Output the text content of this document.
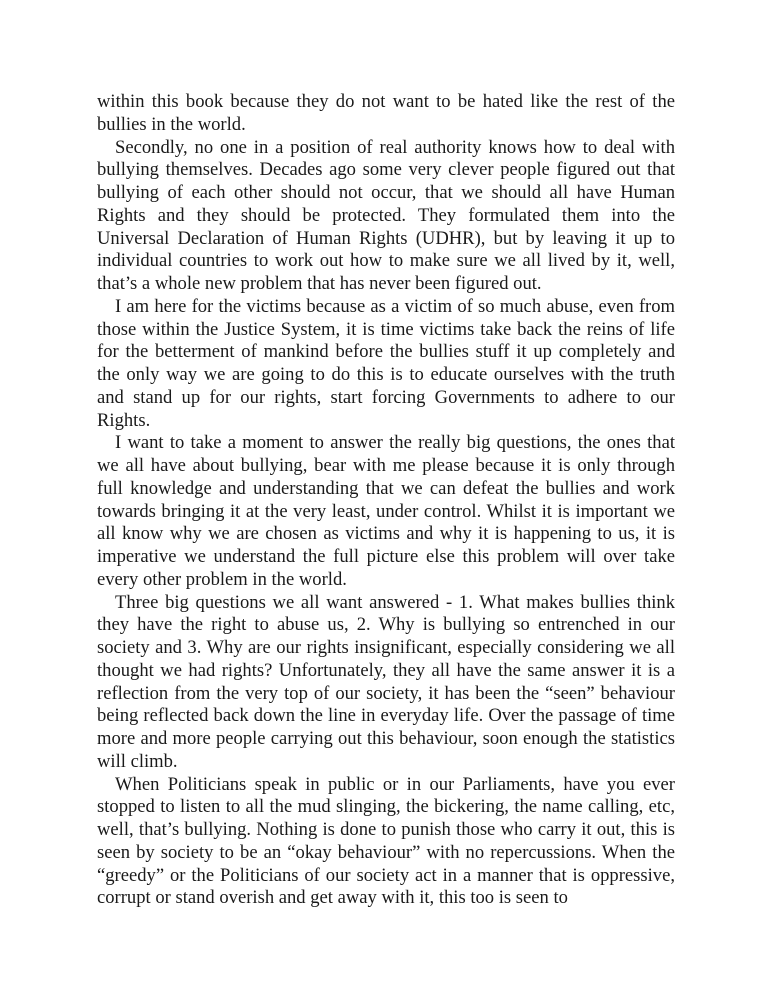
within this book because they do not want to be hated like the rest of the bullies in the world.

Secondly, no one in a position of real authority knows how to deal with bullying themselves. Decades ago some very clever people figured out that bullying of each other should not occur, that we should all have Human Rights and they should be protected. They formulated them into the Universal Declaration of Human Rights (UDHR), but by leaving it up to individual countries to work out how to make sure we all lived by it, well, that’s a whole new problem that has never been figured out.

I am here for the victims because as a victim of so much abuse, even from those within the Justice System, it is time victims take back the reins of life for the betterment of mankind before the bullies stuff it up completely and the only way we are going to do this is to educate ourselves with the truth and stand up for our rights, start forcing Governments to adhere to our Rights.

I want to take a moment to answer the really big questions, the ones that we all have about bullying, bear with me please because it is only through full knowledge and understanding that we can defeat the bullies and work towards bringing it at the very least, under control. Whilst it is important we all know why we are chosen as victims and why it is happening to us, it is imperative we understand the full picture else this problem will over take every other problem in the world.

Three big questions we all want answered - 1. What makes bullies think they have the right to abuse us, 2. Why is bullying so entrenched in our society and 3. Why are our rights insignificant, especially considering we all thought we had rights? Unfortunately, they all have the same answer it is a reflection from the very top of our society, it has been the “seen” behaviour being reflected back down the line in everyday life. Over the passage of time more and more people carrying out this behaviour, soon enough the statistics will climb.

When Politicians speak in public or in our Parliaments, have you ever stopped to listen to all the mud slinging, the bickering, the name calling, etc, well, that’s bullying. Nothing is done to punish those who carry it out, this is seen by society to be an “okay behaviour” with no repercussions. When the “greedy” or the Politicians of our society act in a manner that is oppressive, corrupt or stand overish and get away with it, this too is seen to
